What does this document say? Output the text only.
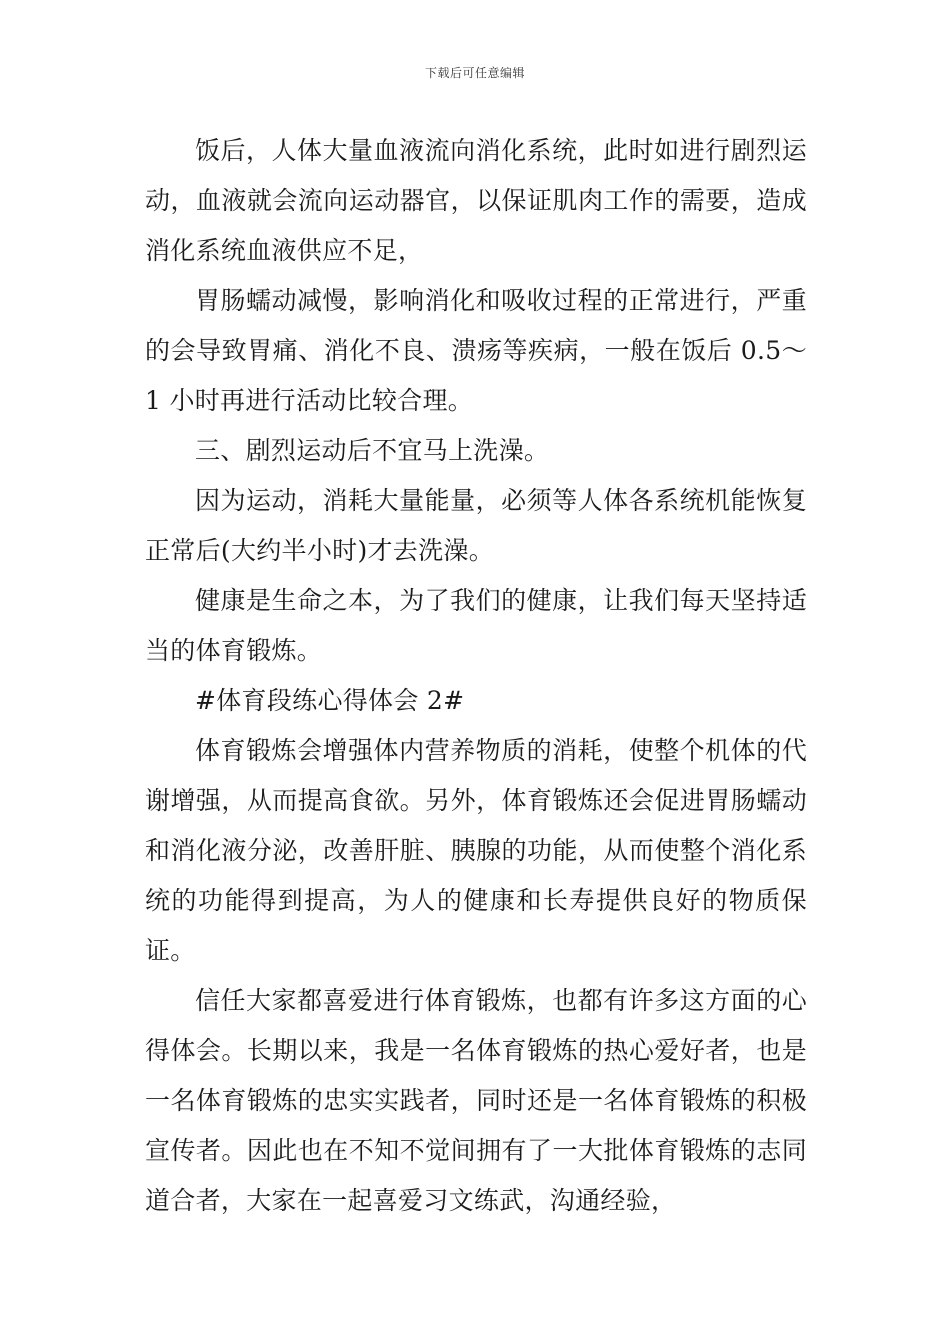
下载后可任意编辑

饭后，人体大量血液流向消化系统，此时如进行剧烈运动，血液就会流向运动器官，以保证肌肉工作的需要，造成消化系统血液供应不足，

胃肠蠕动减慢，影响消化和吸收过程的正常进行，严重的会导致胃痛、消化不良、溃疡等疾病，一般在饭后 0.5～1 小时再进行活动比较合理。

三、剧烈运动后不宜马上洗澡。

因为运动，消耗大量能量，必须等人体各系统机能恢复正常后(大约半小时)才去洗澡。

健康是生命之本，为了我们的健康，让我们每天坚持适当的体育锻炼。

#体育段练心得体会 2#

体育锻炼会增强体内营养物质的消耗，使整个机体的代谢增强，从而提高食欲。另外，体育锻炼还会促进胃肠蠕动和消化液分泌，改善肝脏、胰腺的功能，从而使整个消化系统的功能得到提高，为人的健康和长寿提供良好的物质保证。

信任大家都喜爱进行体育锻炼，也都有许多这方面的心得体会。长期以来，我是一名体育锻炼的热心爱好者，也是一名体育锻炼的忠实实践者，同时还是一名体育锻炼的积极宣传者。因此也在不知不觉间拥有了一大批体育锻炼的志同道合者，大家在一起喜爱习文练武，沟通经验，
